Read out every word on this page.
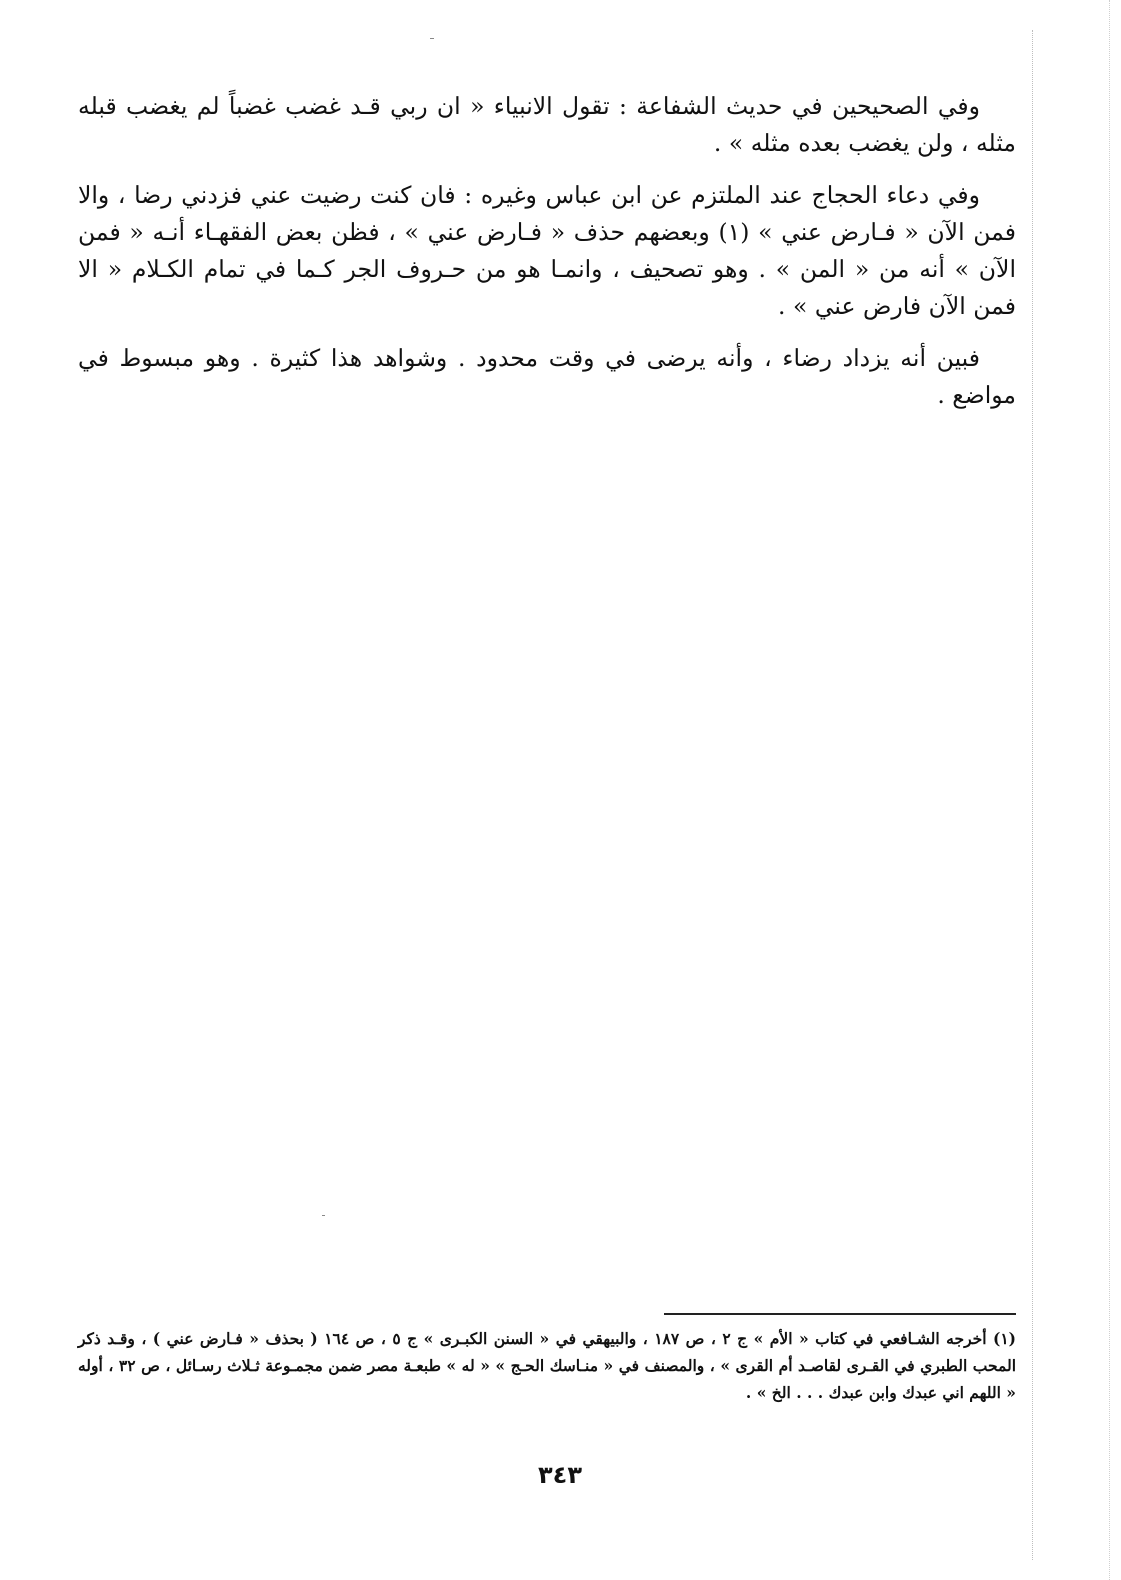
وفي الصحيحين في حديث الشفاعة : تقول الانبياء « ان ربي قـد غضب غضباً لم يغضب قبله مثله ، ولن يغضب بعده مثله » .

وفي دعاء الحجاج عند الملتزم عن ابن عباس وغيره : فان كنت رضيت عني فزدني رضا ، والا فمن الآن « فـارض عني » (١) وبعضهم حذف « فـارض عني » ، فظن بعض الفقهـاء أنـه « فمن الآن » أنه من « المن » . وهو تصحيف ، وانمـا هو من حـروف الجر كـما في تمام الكـلام « الا فمن الآن فارض عني » .

فبين أنه يزداد رضاء ، وأنه يرضى في وقت محدود . وشواهد هذا كثيرة . وهو مبسوط في مواضع .

(١) أخرجه الشـافعي في كتاب « الأم » ج ٢ ، ص ١٨٧ ، والبيهقي في « السنن الكبـرى » ج ٥ ، ص ١٦٤ ( بحذف « فـارض عني ) ، وقـد ذكر المحب الطبري في القـرى لقاصـد أم القرى » ، والمصنف في « منـاسك الحـج » « له » طبعـة مصر ضمن مجمـوعة ثـلاث رسـائل ، ص ٣٢ ، أوله « اللهم اني عبدك وابن عبدك . . . الخ » .

٣٤٣
